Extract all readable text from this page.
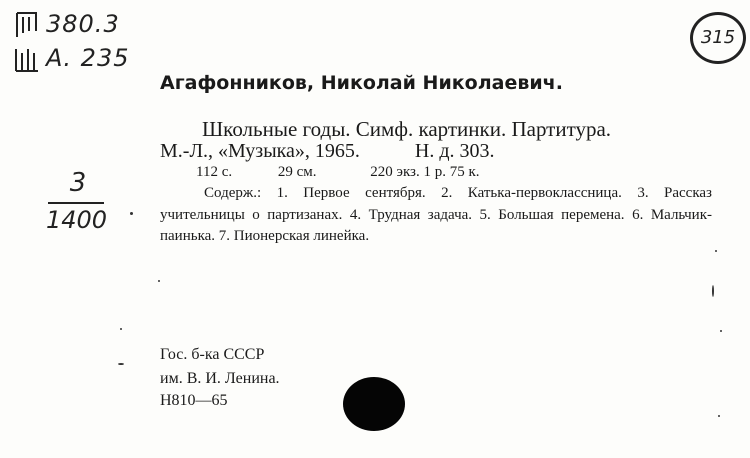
380.3
А. 235
3
1400
315
Агафонников, Николай Николаевич.
Школьные годы. Симф. картинки. Партитура.
М.-Л., «Музыка», 1965.	Н. д. 303.
112 с.	29 см.	220 экз. 1 р. 75 к.
Содерж.: 1. Первое сентября. 2. Катька-первоклассница. 3. Рассказ учительницы о партизанах. 4. Трудная задача. 5. Большая перемена. 6. Мальчик-паинька. 7. Пионерская линейка.
Гос. б-ка СССР
им. В. И. Ленина.
Н810—65
